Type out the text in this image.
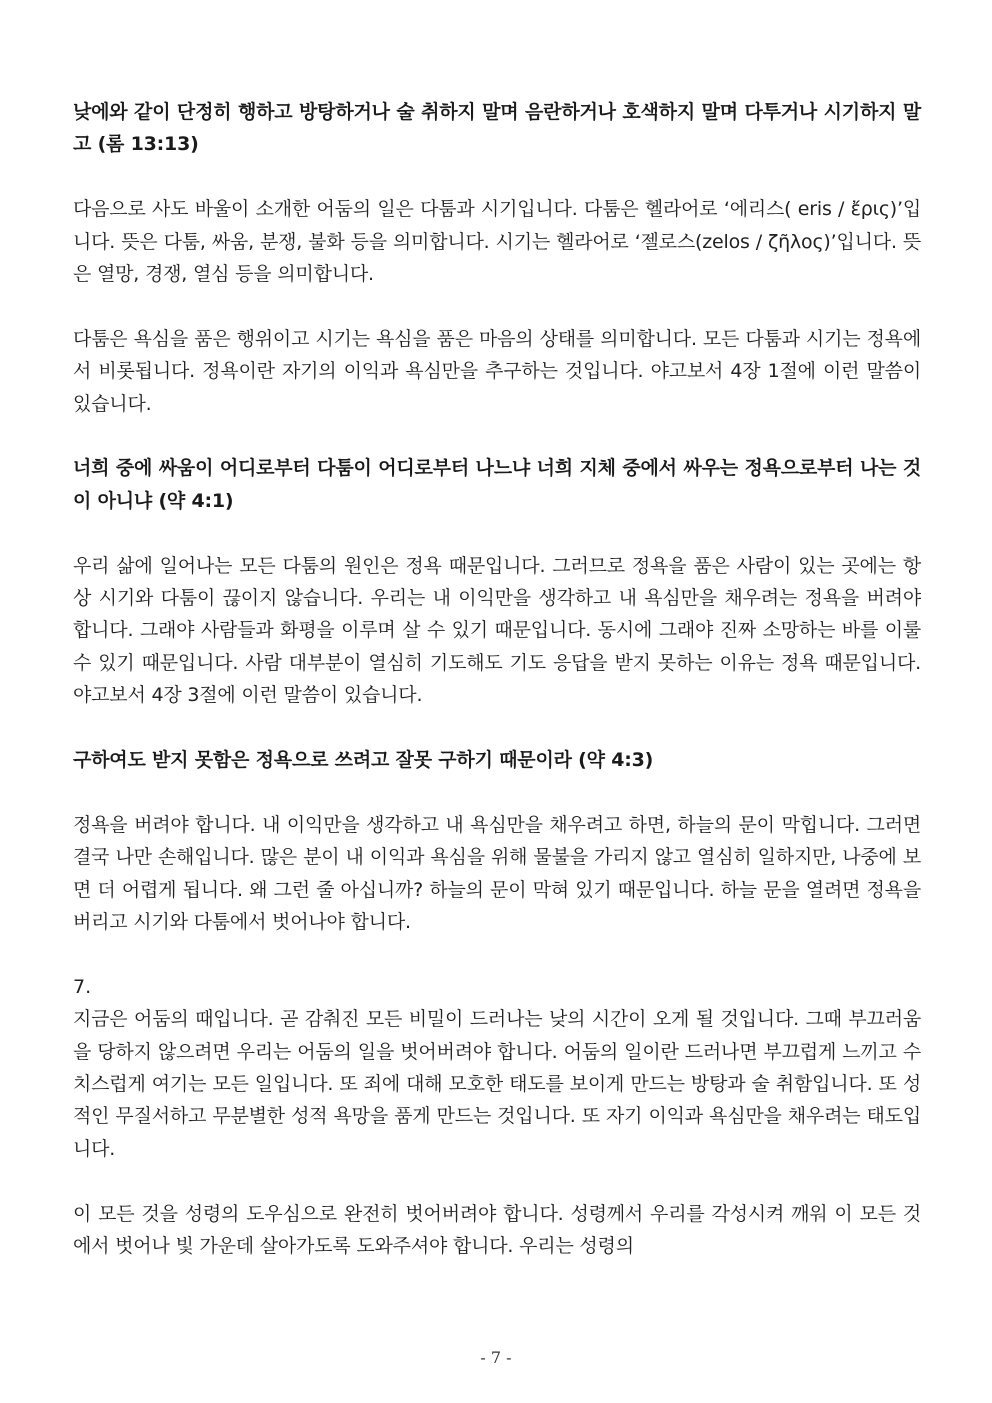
낮에와 같이 단정히 행하고 방탕하거나 술 취하지 말며 음란하거나 호색하지 말며 다투거나 시기하지 말고 (롬 13:13)

다음으로 사도 바울이 소개한 어둠의 일은 다툼과 시기입니다. 다툼은 헬라어로 ‘에리스( eris / ἔρις)’입니다. 뜻은 다툼, 싸움, 분쟁, 불화 등을 의미합니다. 시기는 헬라어로 ‘젤로스(zelos / ζῆλος)’입니다. 뜻은 열망, 경쟁, 열심 등을 의미합니다.

다툼은 욕심을 품은 행위이고 시기는 욕심을 품은 마음의 상태를 의미합니다. 모든 다툼과 시기는 정욕에서 비롯됩니다. 정욕이란 자기의 이익과 욕심만을 추구하는 것입니다. 야고보서 4장 1절에 이런 말씀이 있습니다.

너희 중에 싸움이 어디로부터 다툼이 어디로부터 나느냐 너희 지체 중에서 싸우는 정욕으로부터 나는 것이 아니냐 (약 4:1)

우리 삶에 일어나는 모든 다툼의 원인은 정욕 때문입니다. 그러므로 정욕을 품은 사람이 있는 곳에는 항상 시기와 다툼이 끊이지 않습니다. 우리는 내 이익만을 생각하고 내 욕심만을 채우려는 정욕을 버려야 합니다. 그래야 사람들과 화평을 이루며 살 수 있기 때문입니다. 동시에 그래야 진짜 소망하는 바를 이룰 수 있기 때문입니다. 사람 대부분이 열심히 기도해도 기도 응답을 받지 못하는 이유는 정욕 때문입니다. 야고보서 4장 3절에 이런 말씀이 있습니다.

구하여도 받지 못함은 정욕으로 쓰려고 잘못 구하기 때문이라 (약 4:3)

정욕을 버려야 합니다. 내 이익만을 생각하고 내 욕심만을 채우려고 하면, 하늘의 문이 막힙니다. 그러면 결국 나만 손해입니다. 많은 분이 내 이익과 욕심을 위해 물불을 가리지 않고 열심히 일하지만, 나중에 보면 더 어렵게 됩니다. 왜 그런 줄 아십니까? 하늘의 문이 막혀 있기 때문입니다. 하늘 문을 열려면 정욕을 버리고 시기와 다툼에서 벗어나야 합니다.

7.

지금은 어둠의 때입니다. 곧 감춰진 모든 비밀이 드러나는 낮의 시간이 오게 될 것입니다. 그때 부끄러움을 당하지 않으려면 우리는 어둠의 일을 벗어버려야 합니다. 어둠의 일이란 드러나면 부끄럽게 느끼고 수치스럽게 여기는 모든 일입니다. 또 죄에 대해 모호한 태도를 보이게 만드는 방탕과 술 취함입니다. 또 성적인 무질서하고 무분별한 성적 욕망을 품게 만드는 것입니다. 또 자기 이익과 욕심만을 채우려는 태도입니다.

이 모든 것을 성령의 도우심으로 완전히 벗어버려야 합니다. 성령께서 우리를 각성시켜 깨워 이 모든 것에서 벗어나 빛 가운데 살아가도록 도와주셔야 합니다. 우리는 성령의

- 7 -
